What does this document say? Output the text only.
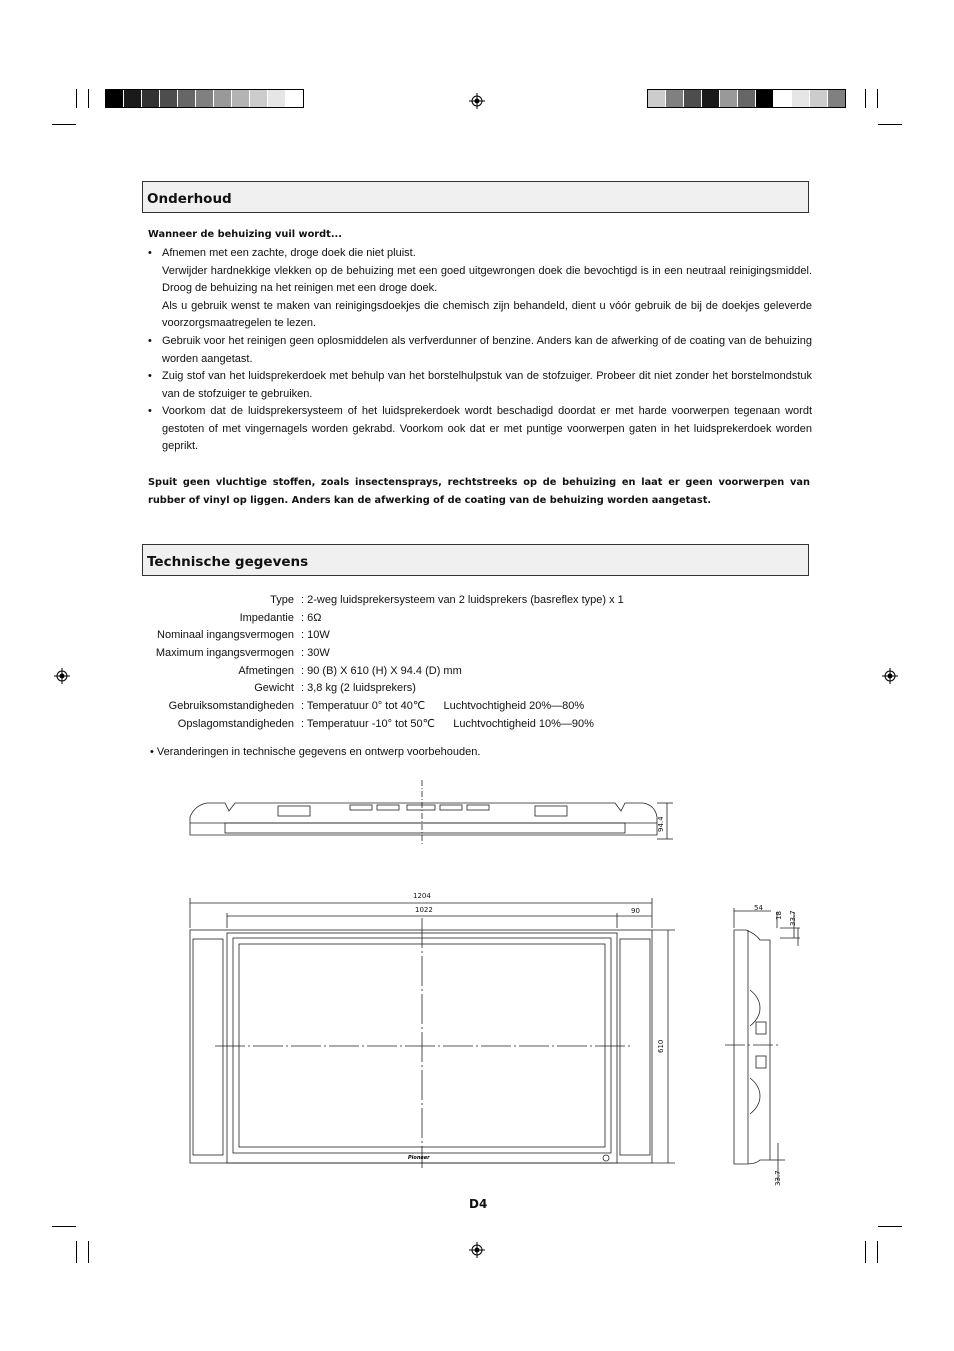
Onderhoud
Wanneer de behuizing vuil wordt...
• Afnemen met een zachte, droge doek die niet pluist.
Verwijder hardnekkige vlekken op de behuizing met een goed uitgewrongen doek die bevochtigd is in een neutraal reinigingsmiddel. Droog de behuizing na het reinigen met een droge doek.
Als u gebruik wenst te maken van reinigingsdoekjes die chemisch zijn behandeld, dient u vóór gebruik de bij de doekjes geleverde voorzorgsmaatregelen te lezen.
• Gebruik voor het reinigen geen oplosmiddelen als verfverdunner of benzine. Anders kan de afwerking of de coating van de behuizing worden aangetast.
• Zuig stof van het luidsprekerdoek met behulp van het borstelhulpstuk van de stofzuiger. Probeer dit niet zonder het borstelmondstuk van de stofzuiger te gebruiken.
• Voorkom dat de luidsprekersysteem of het luidsprekerdoek wordt beschadigd doordat er met harde voorwerpen tegenaan wordt gestoten of met vingernagels worden gekrabd. Voorkom ook dat er met puntige voorwerpen gaten in het luidsprekerdoek worden geprikt.
Spuit geen vluchtige stoffen, zoals insectensprays, rechtstreeks op de behuizing en laat er geen voorwerpen van rubber of vinyl op liggen. Anders kan de afwerking of de coating van de behuizing worden aangetast.
Technische gegevens
Type : 2-weg luidsprekersysteem van 2 luidsprekers (basreflex type) x 1
Impedantie : 6Ω
Nominaal ingangsvermogen : 10W
Maximum ingangsvermogen : 30W
Afmetingen : 90 (B) X 610 (H) X 94.4 (D) mm
Gewicht : 3,8 kg (2 luidsprekers)
Gebruiksomstandigheden : Temperatuur 0° tot 40℃      Luchtvochtigheid 20%—80%
Opslagomstandigheden : Temperatuur -10° tot 50℃      Luchtvochtigheid 10%—90%
• Veranderingen in technische gegevens en ontwerp voorbehouden.
94.4
1204
1022	90
610
Pioneer
54
18 33.7
33.7
D4
